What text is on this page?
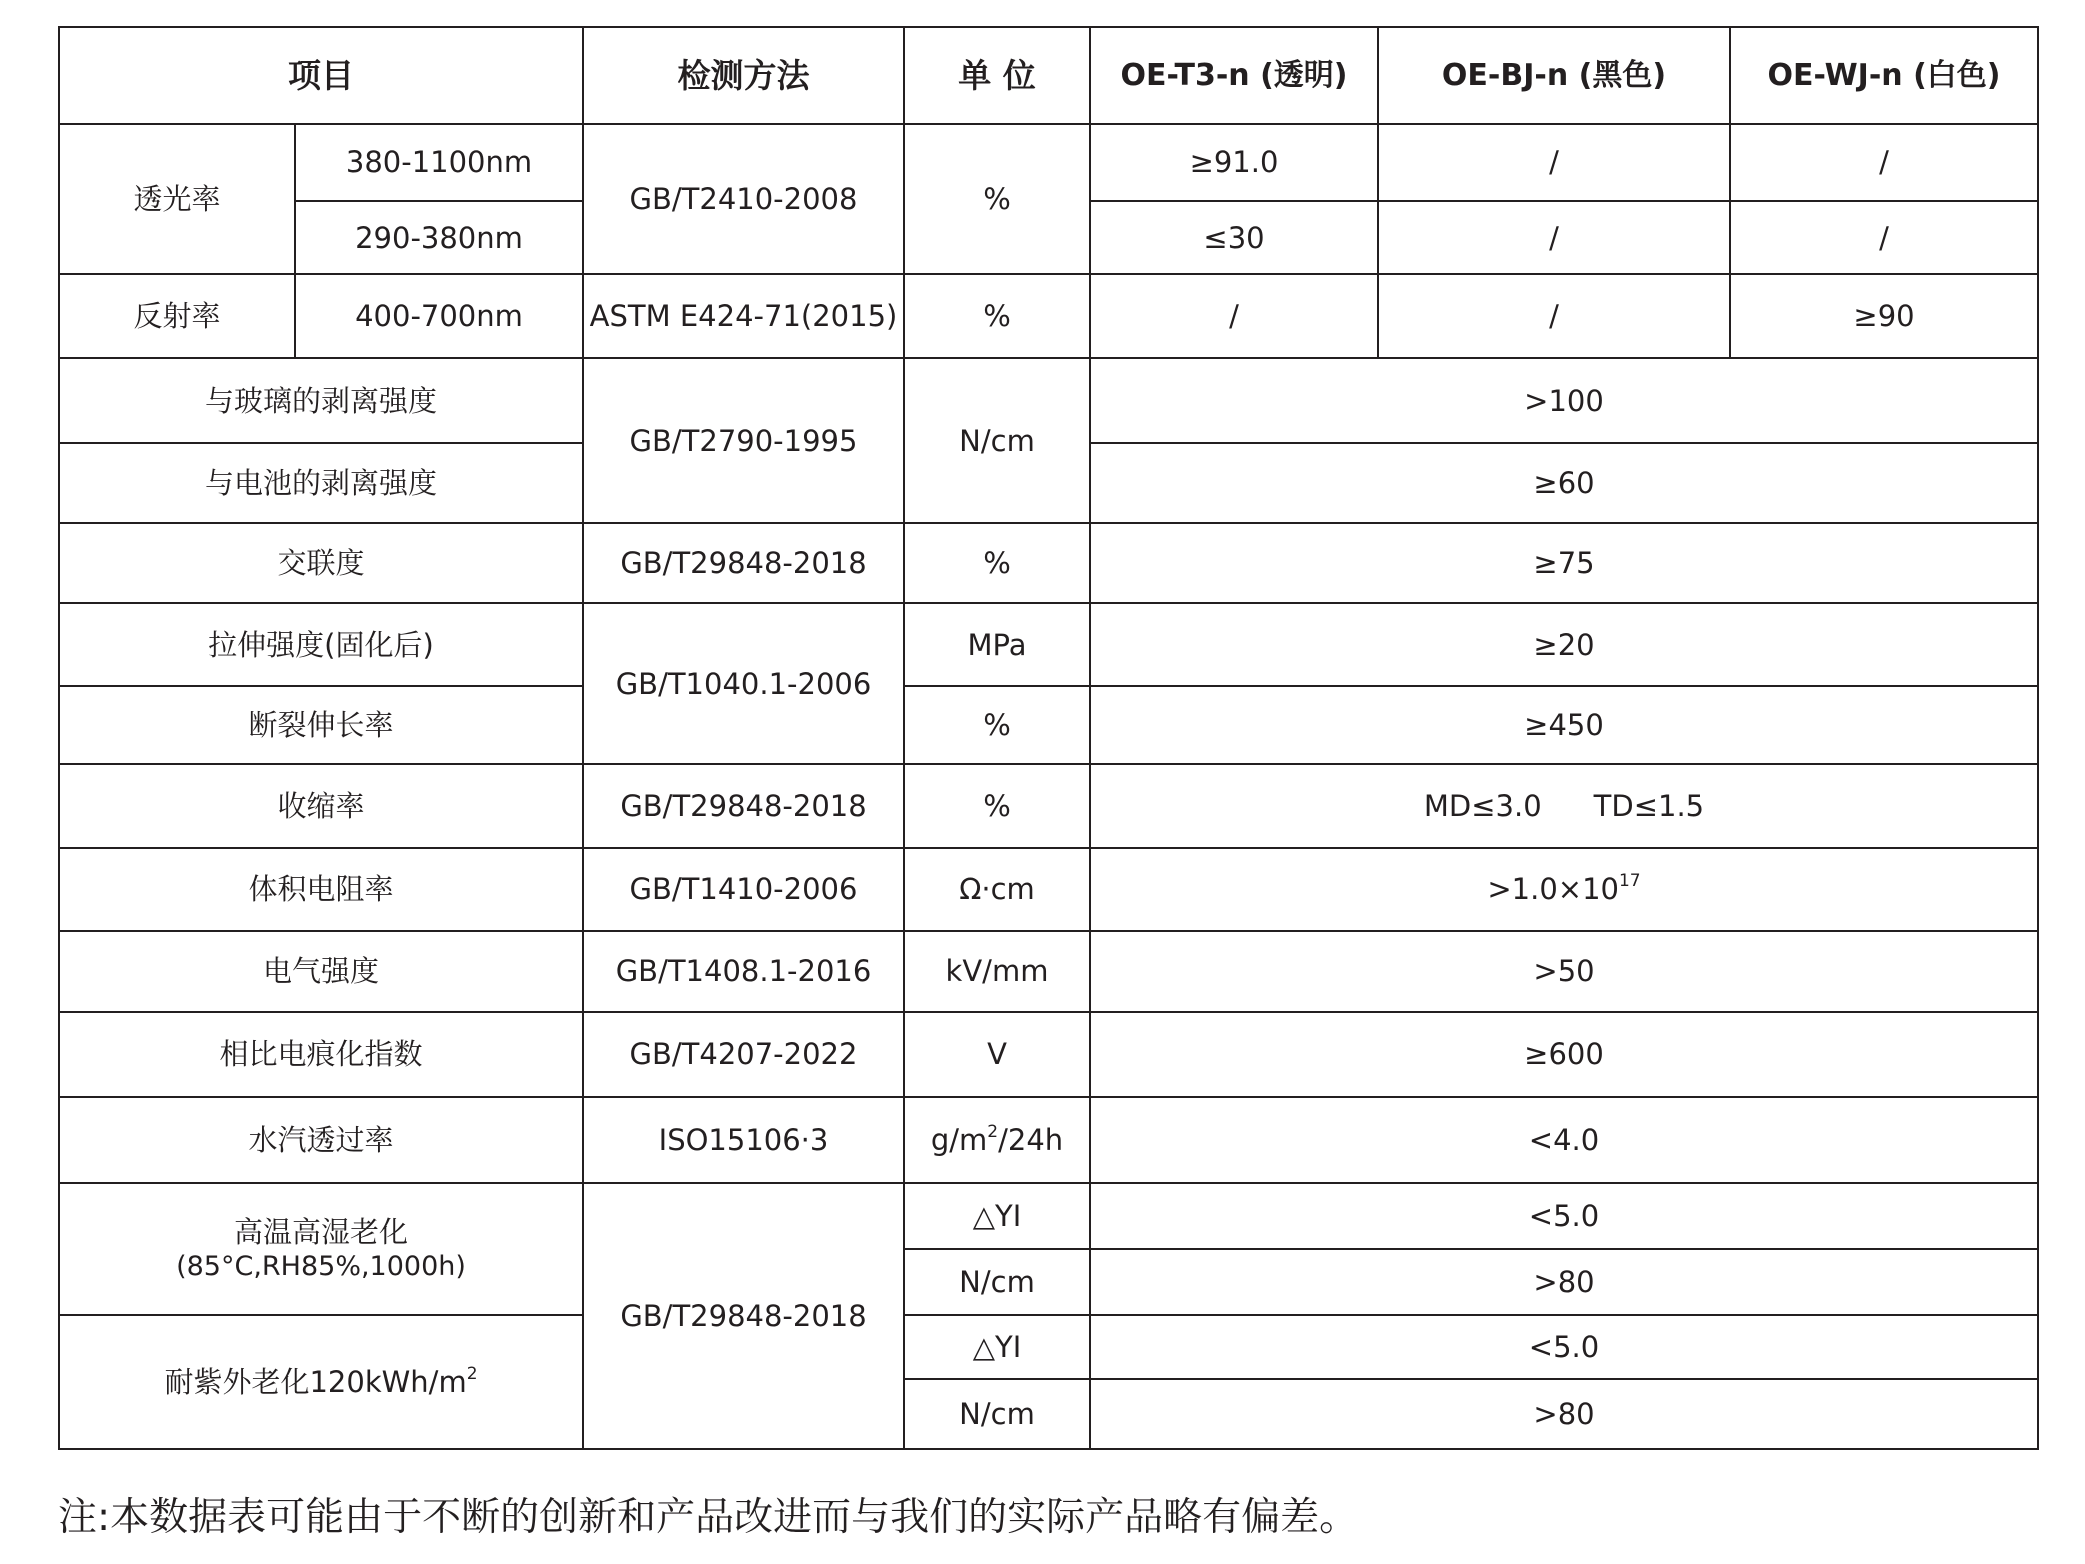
项目		检测方法	单 位	OE-T3-n (透明)	OE-BJ-n (黑色)	OE-WJ-n (白色)
透光率	380-1100nm	GB/T2410-2008	%	≥91.0	/	/
	290-380nm			≤30	/	/
反射率	400-700nm	ASTM E424-71(2015)	%	/	/	≥90
与玻璃的剥离强度		GB/T2790-1995	N/cm	>100		
与电池的剥离强度				≥60		
交联度		GB/T29848-2018	%	≥75		
拉伸强度(固化后)		GB/T1040.1-2006	MPa	≥20		
断裂伸长率			%	≥450		
收缩率		GB/T29848-2018	%	MD≤3.0 TD≤1.5		
体积电阻率		GB/T1410-2006	Ω·cm	$>1.0\times 10^{17}$
电气强度		GB/T1408.1-2016	kV/mm	>50		
相比电痕化指数		GB/T4207-2022	V	≥600		
水汽透过率		ISO15106·3	$g/m^2/24h$	<4.0		
高温高湿老化
(85°C,RH85%,1000h)		GB/T29848-2018	△YI	<5.0		
			N/cm	>80		
耐紫外老化$120kWh/m^2$			△YI	<5.0		
			N/cm	>80		
注:本数据表可能由于不断的创新和产品改进而与我们的实际产品略有偏差。
